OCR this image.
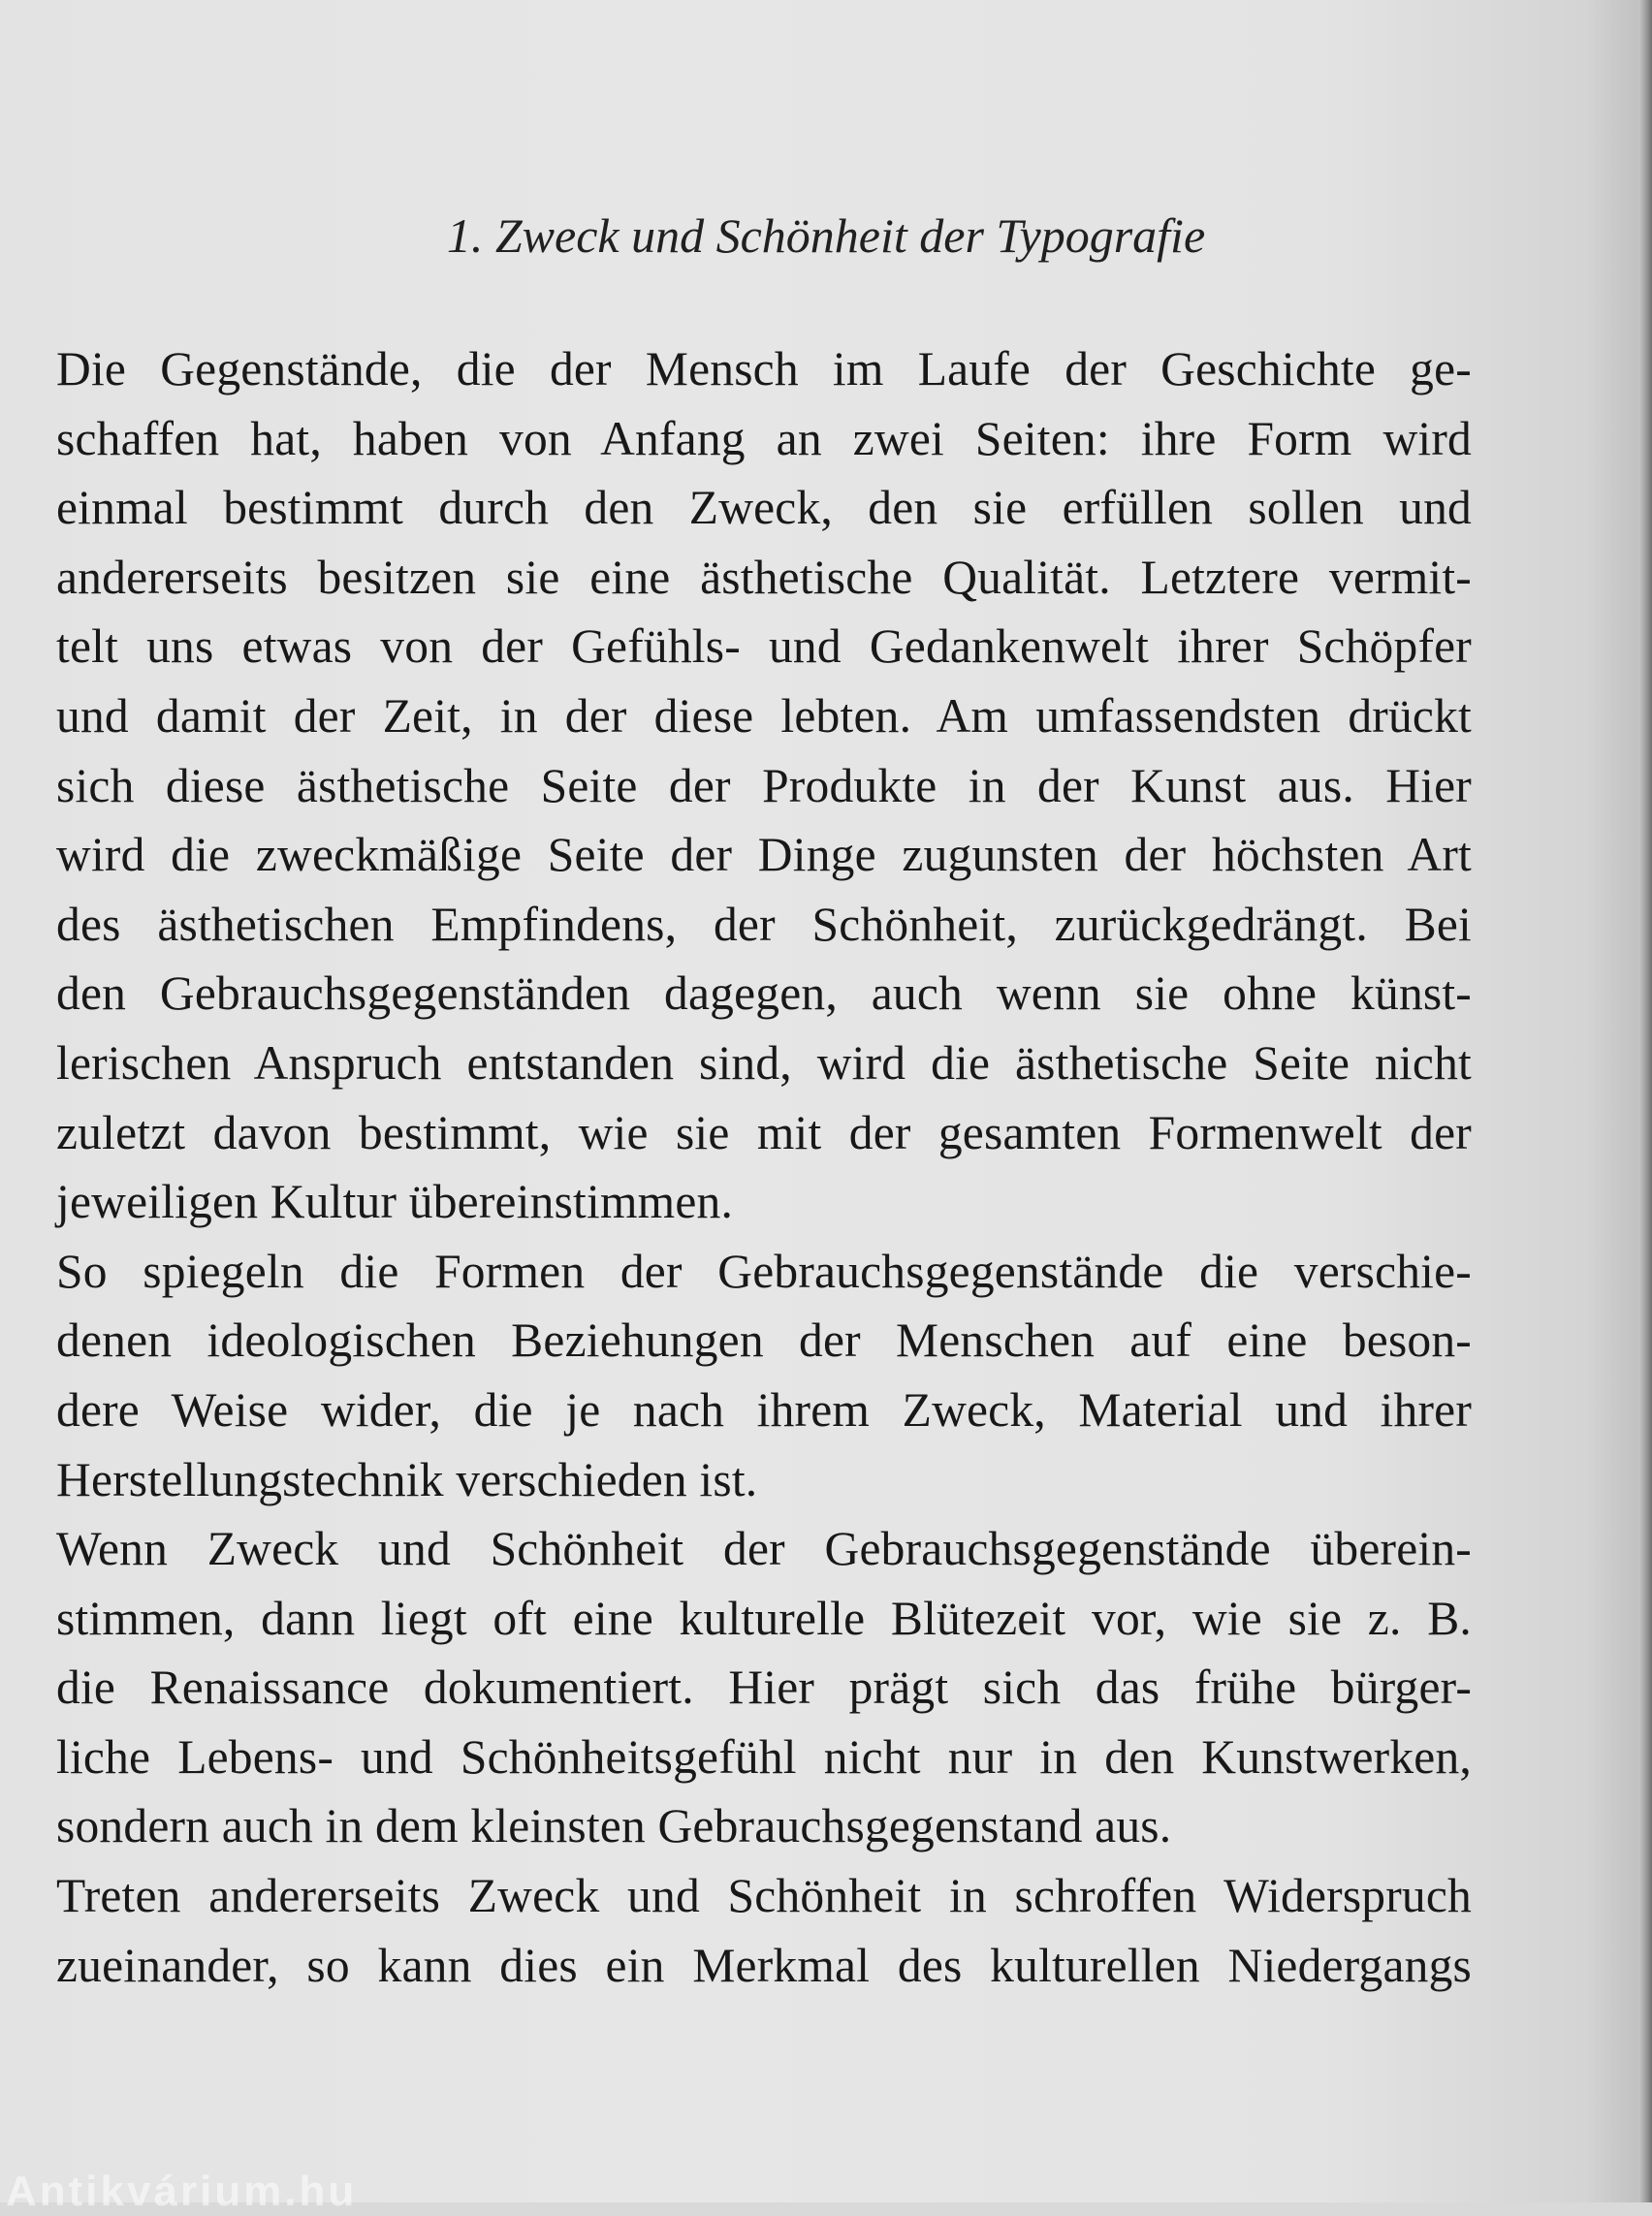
1. Zweck und Schönheit der Typografie
Die Gegenstände, die der Mensch im Laufe der Geschichte ge-
schaffen hat, haben von Anfang an zwei Seiten: ihre Form wird
einmal bestimmt durch den Zweck, den sie erfüllen sollen und
andererseits besitzen sie eine ästhetische Qualität. Letztere vermit-
telt uns etwas von der Gefühls- und Gedankenwelt ihrer Schöpfer
und damit der Zeit, in der diese lebten. Am umfassendsten drückt
sich diese ästhetische Seite der Produkte in der Kunst aus. Hier
wird die zweckmäßige Seite der Dinge zugunsten der höchsten Art
des ästhetischen Empfindens, der Schönheit, zurückgedrängt. Bei
den Gebrauchsgegenständen dagegen, auch wenn sie ohne künst-
lerischen Anspruch entstanden sind, wird die ästhetische Seite nicht
zuletzt davon bestimmt, wie sie mit der gesamten Formenwelt der
jeweiligen Kultur übereinstimmen.
So spiegeln die Formen der Gebrauchsgegenstände die verschie-
denen ideologischen Beziehungen der Menschen auf eine beson-
dere Weise wider, die je nach ihrem Zweck, Material und ihrer
Herstellungstechnik verschieden ist.
Wenn Zweck und Schönheit der Gebrauchsgegenstände überein-
stimmen, dann liegt oft eine kulturelle Blütezeit vor, wie sie z. B.
die Renaissance dokumentiert. Hier prägt sich das frühe bürger-
liche Lebens- und Schönheitsgefühl nicht nur in den Kunstwerken,
sondern auch in dem kleinsten Gebrauchsgegenstand aus.
Treten andererseits Zweck und Schönheit in schroffen Widerspruch
zueinander, so kann dies ein Merkmal des kulturellen Niedergangs
Antikvárium.hu
